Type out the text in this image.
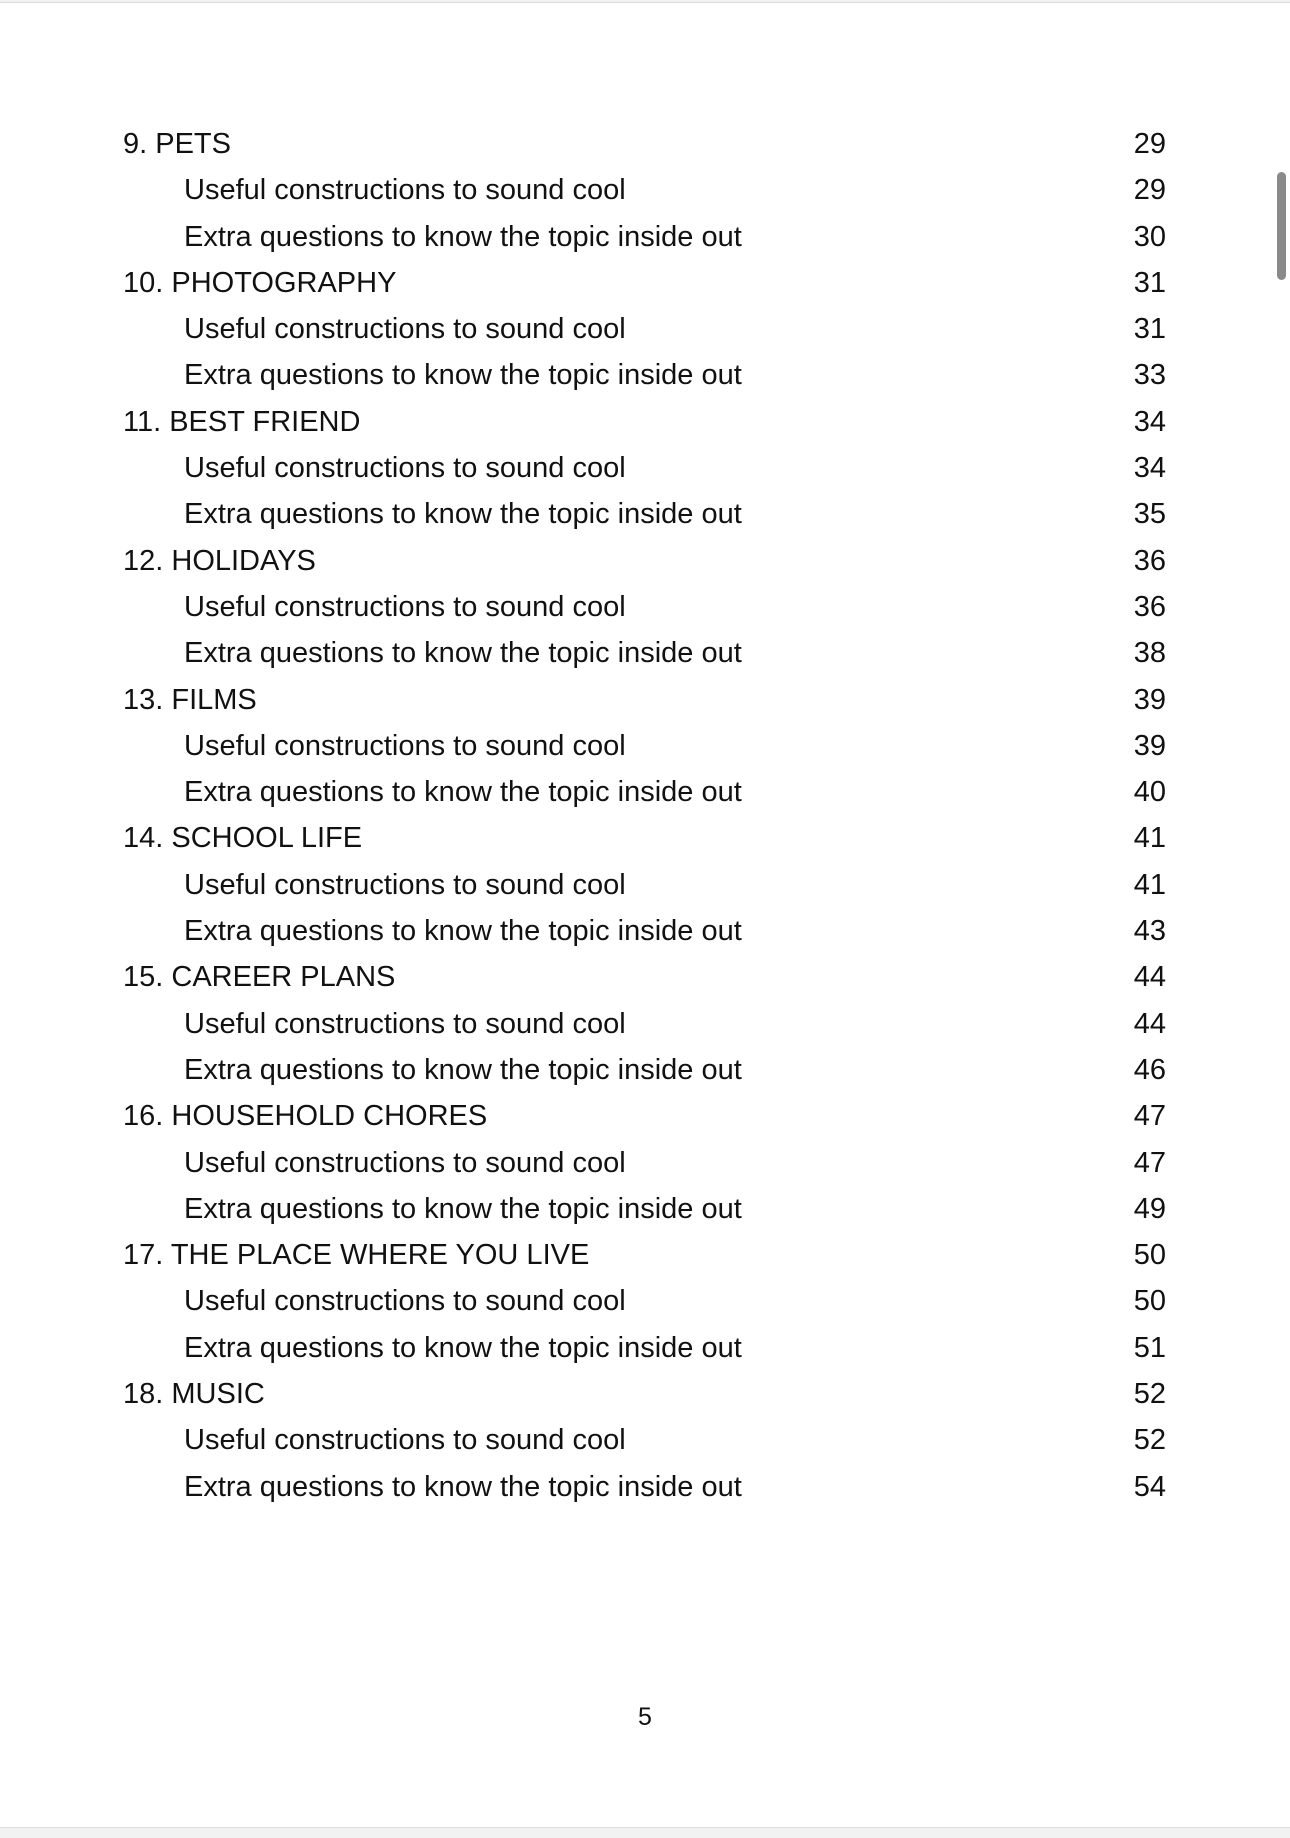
9. PETS	29
Useful constructions to sound cool	29
Extra questions to know the topic inside out	30
10. PHOTOGRAPHY	31
Useful constructions to sound cool	31
Extra questions to know the topic inside out	33
11. BEST FRIEND	34
Useful constructions to sound cool	34
Extra questions to know the topic inside out	35
12. HOLIDAYS	36
Useful constructions to sound cool	36
Extra questions to know the topic inside out	38
13. FILMS	39
Useful constructions to sound cool	39
Extra questions to know the topic inside out	40
14. SCHOOL LIFE	41
Useful constructions to sound cool	41
Extra questions to know the topic inside out	43
15. CAREER PLANS	44
Useful constructions to sound cool	44
Extra questions to know the topic inside out	46
16. HOUSEHOLD CHORES	47
Useful constructions to sound cool	47
Extra questions to know the topic inside out	49
17. THE PLACE WHERE YOU LIVE	50
Useful constructions to sound cool	50
Extra questions to know the topic inside out	51
18. MUSIC	52
Useful constructions to sound cool	52
Extra questions to know the topic inside out	54
5
